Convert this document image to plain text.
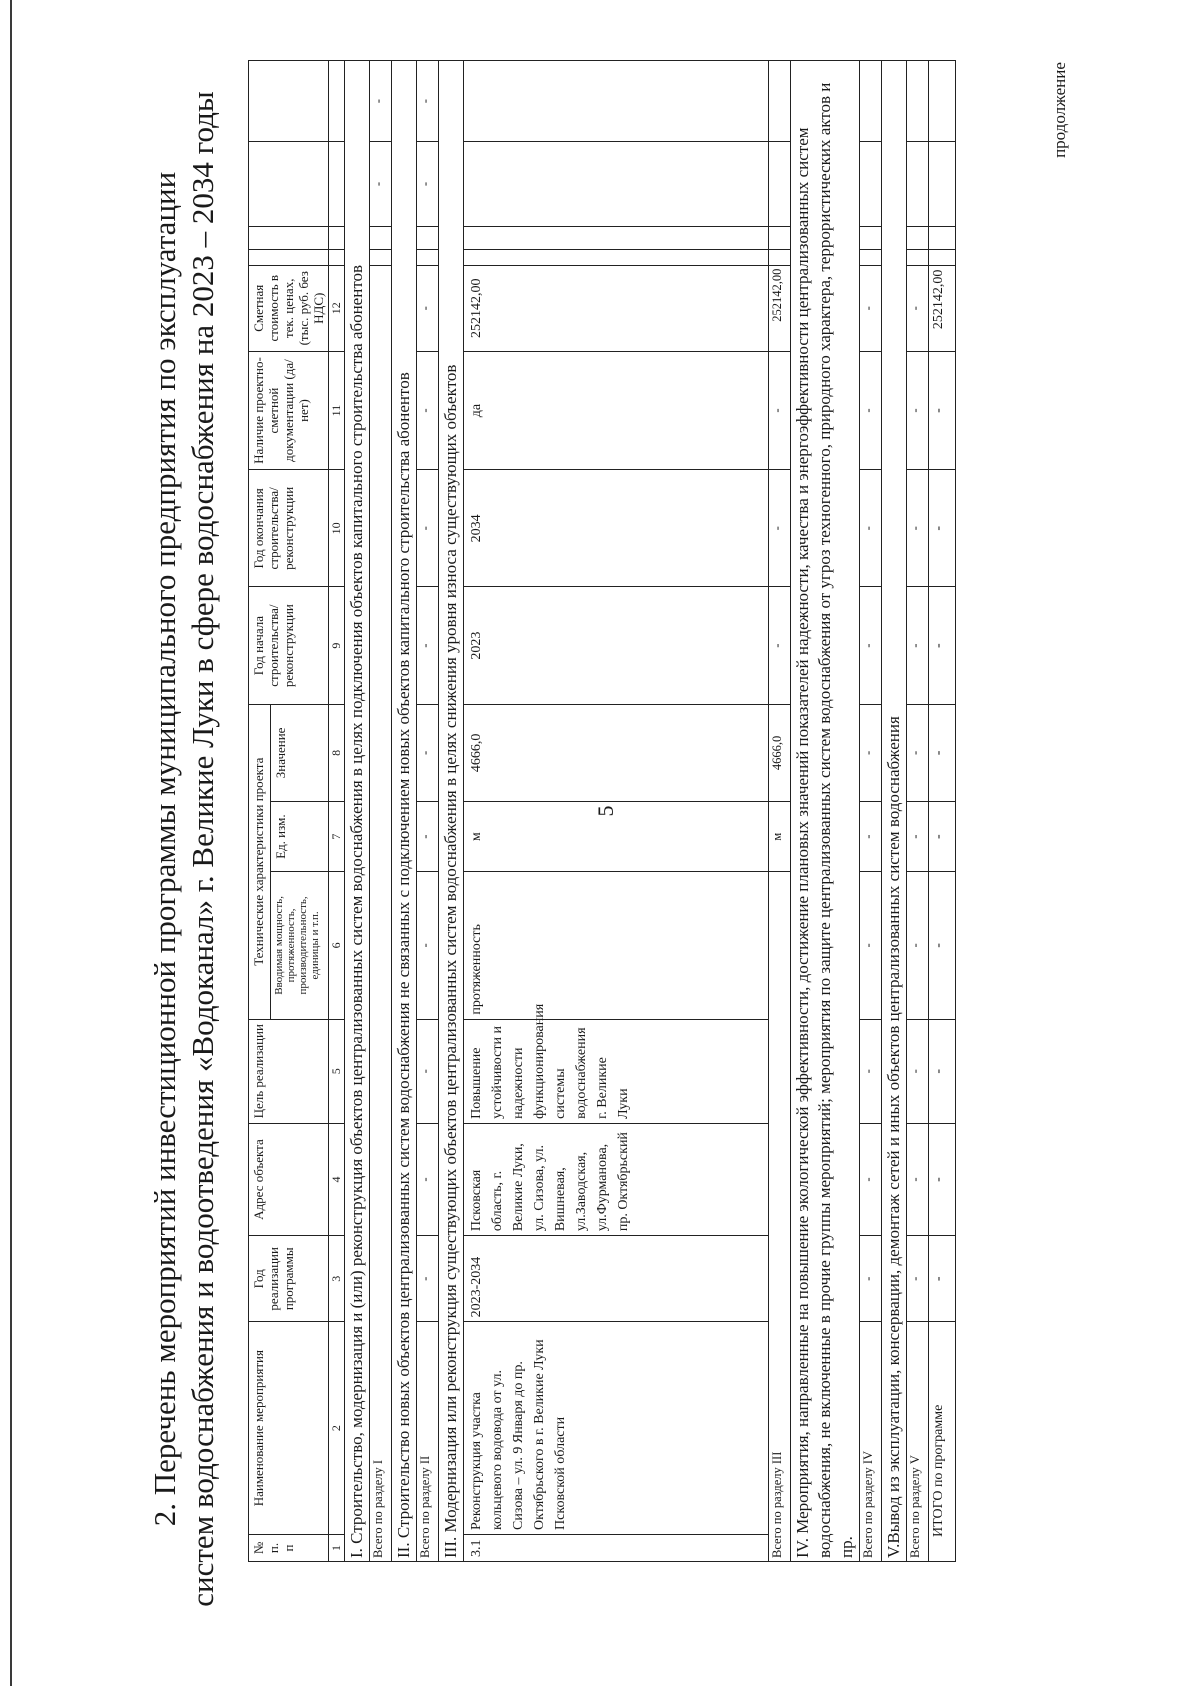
5
продолжение
2. Перечень мероприятий инвестиционной программы муниципального предприятия по эксплуатации систем водоснабжения и водоотведения «Водоканал» г. Великие Луки в сфере водоснабжения на 2023 – 2034 годы № п. п	Наименование мероприятия	Год реализации программы	Адрес объекта	Цель реализации	Технические характеристики проекта			Год начала строительства/ реконструкции	Год окончания строительства/ реконструкции	Наличие проектно-сметной документации (да/нет)	Сметная стоимость в тек. ценах, (тыс. руб. без НДС)				
					Вводимая мощность, протяженность, производительность, единицы и т.п.	Ед. изм.	Значение								
1	2	3	4	5	6	7	8	9	10	11	12				
I. Строительство, модернизация и (или) реконструкция объектов централизованных систем водоснабжения в целях подключения объектов капитального строительства абонентов															
Всего по разделу I														-	-
II. Строительство новых объектов централизованных систем водоснабжения не связанных с подключением новых объектов капитального строительства абонентов															
Всего по разделу II		-	-	-	-	-	-	-	-	-	-			-	-
III. Модернизация или реконструкция существующих объектов централизованных систем водоснабжения в целях снижения уровня износа существующих объектов															
3.1	Реконструкция участка кольцевого водовода от ул. Сизова – ул. 9 Января до пр. Октябрьского в г. Великие Луки Псковской области	2023-2034	Псковская область, г. Великие Луки, ул. Сизова, ул. Вишневая, ул.Заводская, ул.Фурманова, пр. Октябрьский	Повышение устойчивости и надежности функционирования системы водоснабжения г. Великие Луки	протяженность	м	4666,0	2023	2034	да	252142,00				
Всего по разделу III						м	4666,0	-	-	-	252142,00				
IV. Мероприятия, направленные на повышение экологической эффективности, достижение плановых значений показателей надежности, качества и энергоэффективности централизованных систем водоснабжения, не включенные в прочие группы мероприятий; мероприятия по защите централизованных систем водоснабжения от угроз техногенного, природного характера, террористических актов и пр.															
Всего по разделу IV		-	-	-	-	-	-	-	-	-	-				
V.Вывод из эксплуатации, консервации, демонтаж сетей и иных объектов централизованных систем водоснабжения															
Всего по разделу V		-	-	-	-	-	-	-	-	-	-				
ИТОГО по программе		-	-	-	-	-	-	-	-	-	252142,00				
